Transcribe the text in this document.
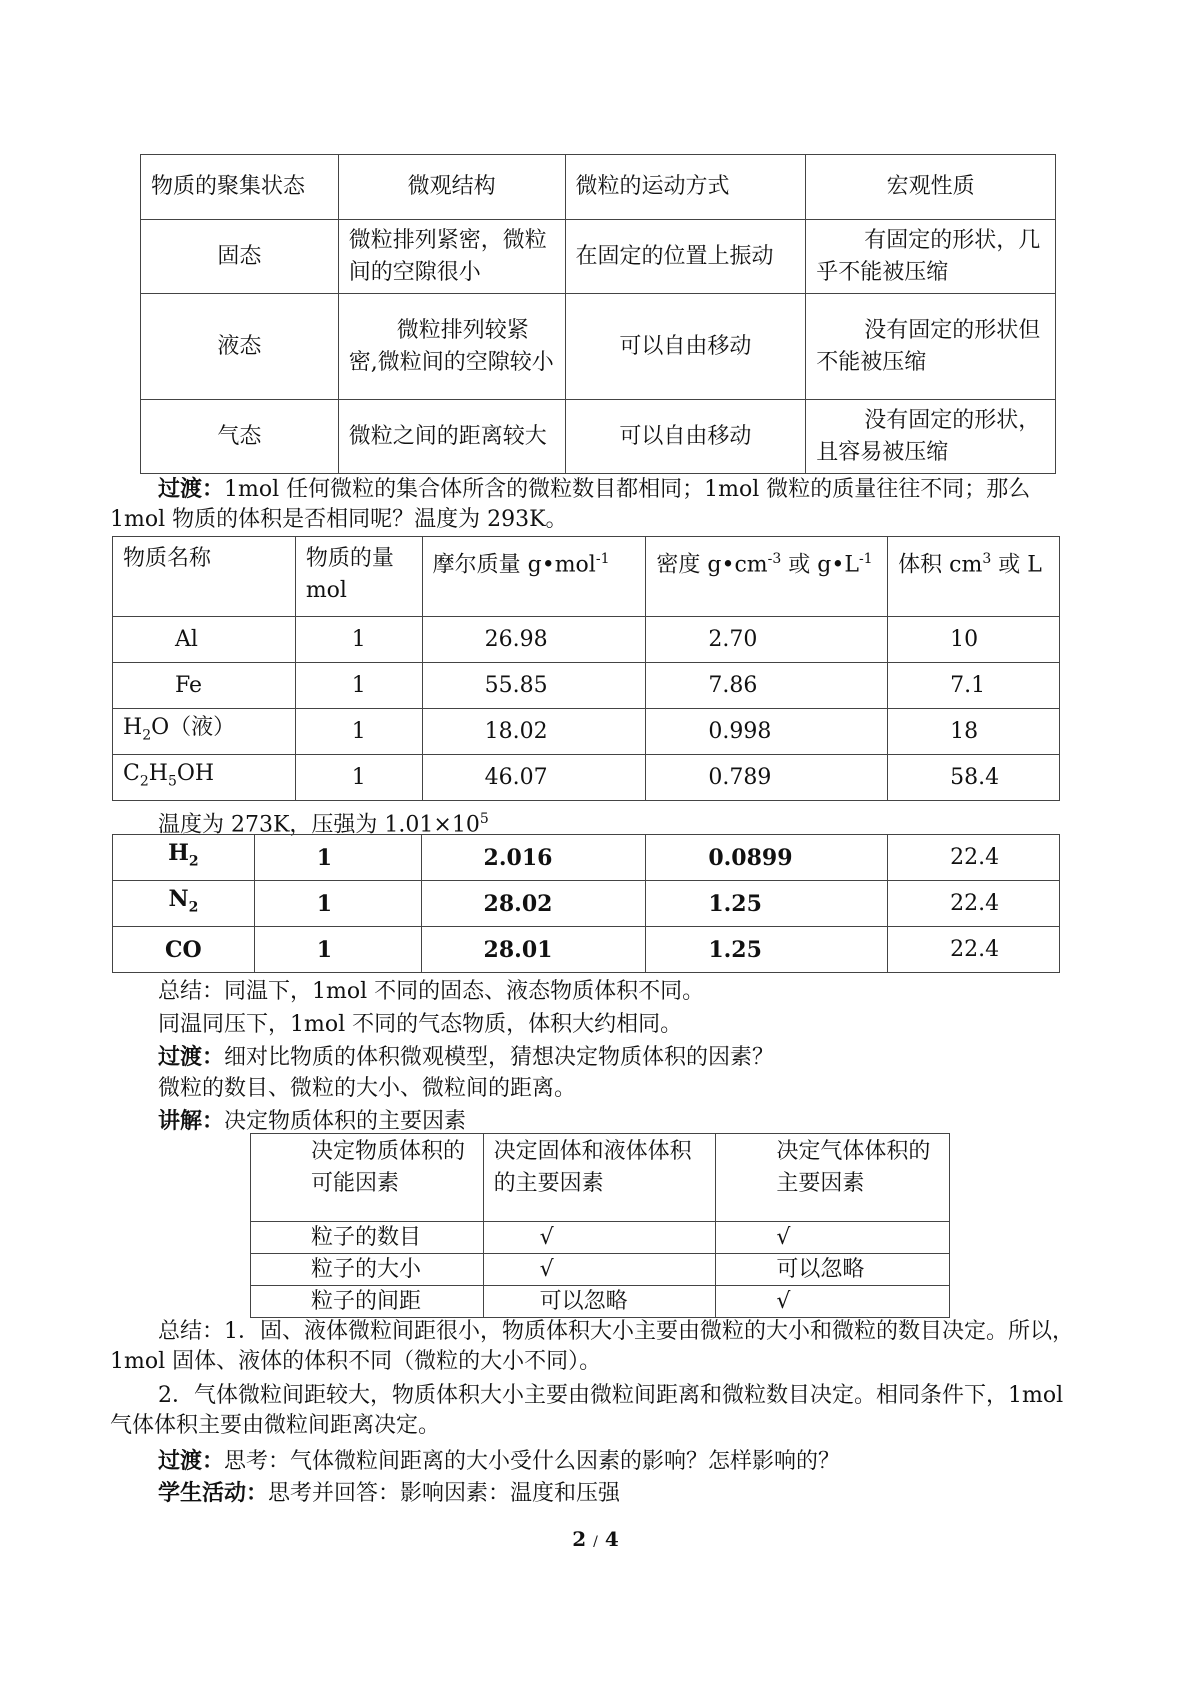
物质的聚集状态	微观结构	微粒的运动方式	宏观性质
固态	微粒排列紧密，微粒间的空隙很小	在固定的位置上振动	有固定的形状，几乎不能被压缩
液态	微粒排列较紧密,微粒间的空隙较小	可以自由移动	没有固定的形状但不能被压缩
气态	微粒之间的距离较大	可以自由移动	没有固定的形状，且容易被压缩

过渡：1mol 任何微粒的集合体所含的微粒数目都相同；1mol 微粒的质量往往不同；那么1mol 物质的体积是否相同呢？温度为 293K。

物质名称	物质的量mol	摩尔质量 g•mol$^{-1}$	密度 $g•cm^{-3}$ 或 $g•L^{-1}$	体积 $cm^3$ 或 L
Al	1	26.98	2.70	10
Fe	1	55.85	7.86	7.1
$H_2O$（液）	1	18.02	0.998	18
$C_2H_5OH$	1	46.07	0.789	58.4

温度为 273K，压强为 $1.01\times 10^5$

$H_2$	1	2.016	0.0899	22.4
$N_2$	1	28.02	1.25	22.4
CO	1	28.01	1.25	22.4

总结：同温下，1mol 不同的固态、液态物质体积不同。

同温同压下，1mol 不同的气态物质，体积大约相同。

过渡：细对比物质的体积微观模型，猜想决定物质体积的因素？

微粒的数目、微粒的大小、微粒间的距离。

讲解：决定物质体积的主要因素

决定物质体积的可能因素	决定固体和液体体积的主要因素	决定气体体积的主要因素
粒子的数目	√	√
粒子的大小	√	可以忽略
粒子的间距	可以忽略	√

总结：1．固、液体微粒间距很小，物质体积大小主要由微粒的大小和微粒的数目决定。所以，1mol 固体、液体的体积不同（微粒的大小不同）。

2．气体微粒间距较大，物质体积大小主要由微粒间距离和微粒数目决定。相同条件下，1mol 气体体积主要由微粒间距离决定。

过渡：思考：气体微粒间距离的大小受什么因素的影响？怎样影响的？

学生活动：思考并回答：影响因素：温度和压强

2 / 4
